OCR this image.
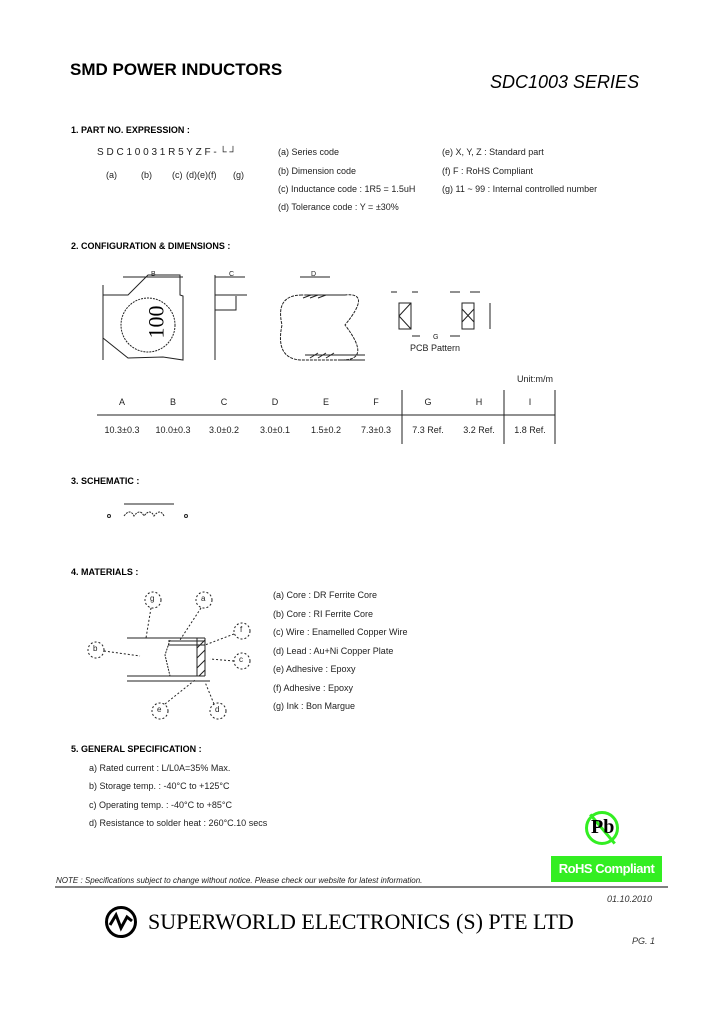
SMD POWER INDUCTORS
SDC1003 SERIES
1. PART NO. EXPRESSION :
S D C 1 0 0 3 1 R 5 Y Z F - └ ┘
(a)	(b) (c) (d)(e)(f) (g)
(a) Series code
(b) Dimension code
(c) Inductance code : 1R5 = 1.5uH
(d) Tolerance code : Y = ±30%
(e) X, Y, Z : Standard part
(f) F : RoHS Compliant
(g) 11 ~ 99 : Internal controlled number
2. CONFIGURATION & DIMENSIONS :
100
B	C	D
G
PCB Pattern
Unit:m/m
A	B	C	D	E	F	G	H	I
10.3±0.3	10.0±0.3	3.0±0.2	3.0±0.1	1.5±0.2	7.3±0.3	7.3 Ref.	3.2 Ref.	1.8 Ref.
3. SCHEMATIC :
4. MATERIALS :
g	a
b
f
c
e	d
(a) Core : DR Ferrite Core
(b) Core : RI Ferrite Core
(c) Wire : Enamelled Copper Wire
(d) Lead : Au+Ni Copper Plate
(e) Adhesive : Epoxy
(f) Adhesive : Epoxy
(g) Ink : Bon Margue
5. GENERAL SPECIFICATION :
a) Rated current : L/L0A=35% Max.
b) Storage temp. : -40°C to +125°C
c) Operating temp. : -40°C to +85°C
d) Resistance to solder heat : 260°C.10 secs	Pb
RoHS Compliant
NOTE : Specifications subject to change without notice. Please check our website for latest information.
01.10.2010
SUPERWORLD ELECTRONICS (S) PTE LTD
PG. 1
